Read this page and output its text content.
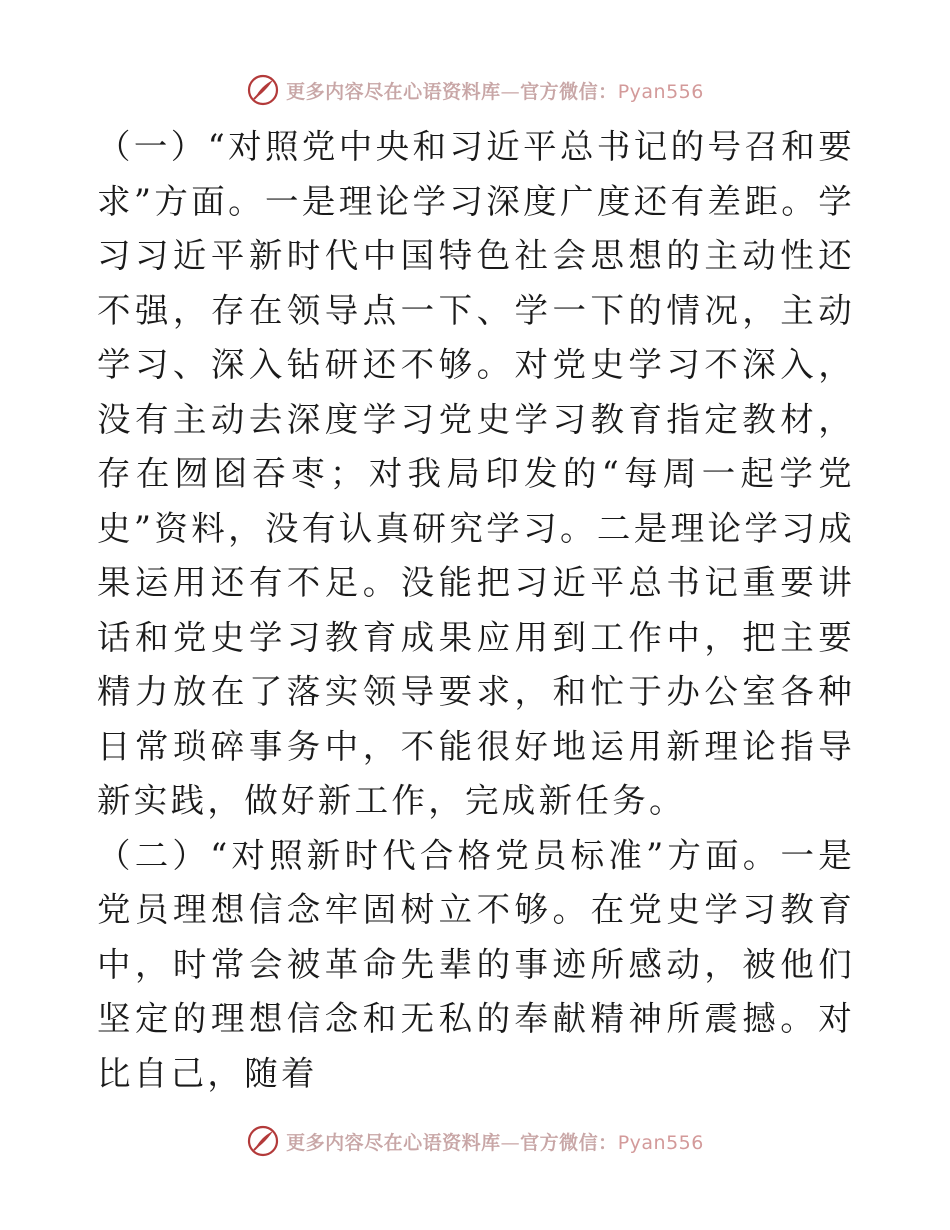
更多内容尽在心语资料库—官方微信：Pyan556

（一）“对照党中央和习近平总书记的号召和要求”方面。一是理论学习深度广度还有差距。学习习近平新时代中国特色社会思想的主动性还不强，存在领导点一下、学一下的情况，主动学习、深入钻研还不够。对党史学习不深入，没有主动去深度学习党史学习教育指定教材，存在囫囵吞枣；对我局印发的“每周一起学党史”资料，没有认真研究学习。二是理论学习成果运用还有不足。没能把习近平总书记重要讲话和党史学习教育成果应用到工作中，把主要精力放在了落实领导要求，和忙于办公室各种日常琐碎事务中，不能很好地运用新理论指导新实践，做好新工作，完成新任务。

（二）“对照新时代合格党员标准”方面。一是党员理想信念牢固树立不够。在党史学习教育中，时常会被革命先辈的事迹所感动，被他们坚定的理想信念和无私的奉献精神所震撼。对比自己，随着

更多内容尽在心语资料库—官方微信：Pyan556
